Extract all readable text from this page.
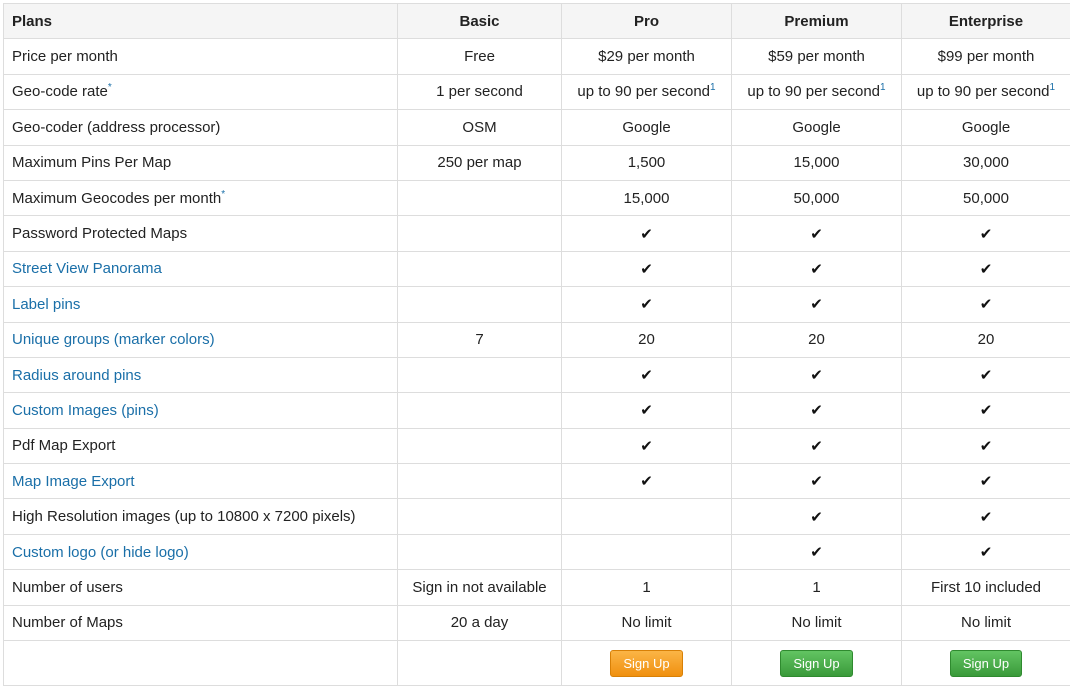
Plans	Basic	Pro	Premium	Enterprise
Price per month	Free	$29 per month	$59 per month	$99 per month
Geo-code rate*	1 per second	up to 90 per second$^1$	up to 90 per second$^1$	up to 90 per second$^1$
Geo-coder (address processor)	OSM	Google	Google	Google
Maximum Pins Per Map	250 per map	1,500	15,000	30,000
Maximum Geocodes per month*		15,000	50,000	50,000
Password Protected Maps		✔	✔	✔
Street View Panorama		✔	✔	✔
Label pins		✔	✔	✔
Unique groups (marker colors)	7	20	20	20
Radius around pins		✔	✔	✔
Custom Images (pins)		✔	✔	✔
Pdf Map Export		✔	✔	✔
Map Image Export		✔	✔	✔
High Resolution images (up to 10800 x 7200 pixels)			✔	✔
Custom logo (or hide logo)			✔	✔
Number of users	Sign in not available	1	1	First 10 included
Number of Maps	20 a day	No limit	No limit	No limit
		Sign Up	Sign Up	Sign Up
